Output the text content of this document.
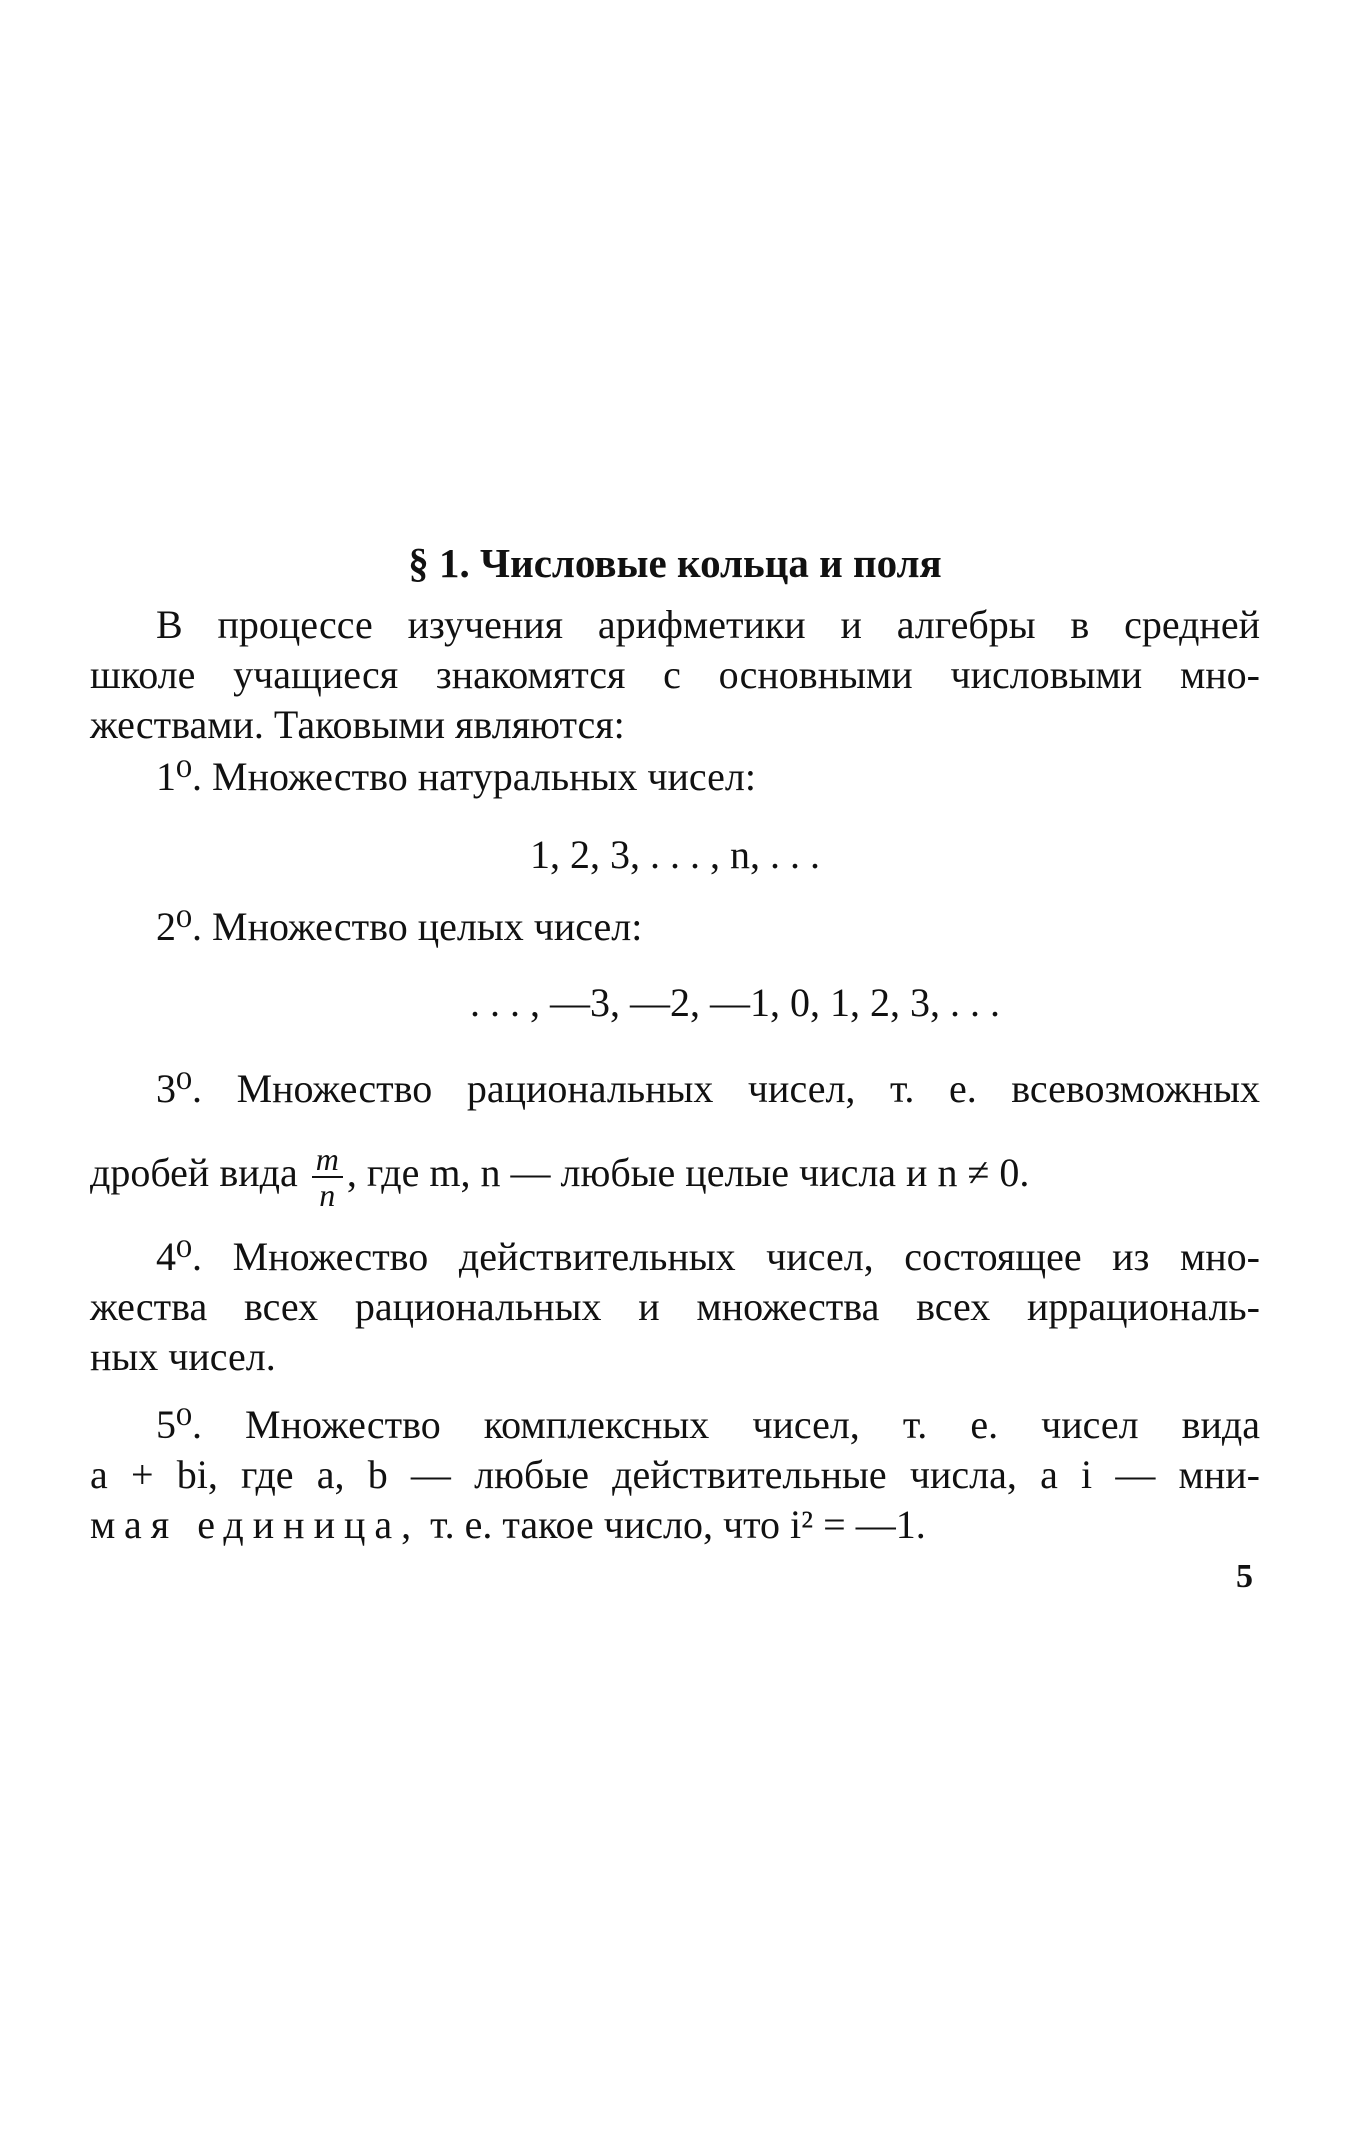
§ 1. Числовые кольца и поля
В процессе изучения арифметики и алгебры в средней
школе учащиеся знакомятся с основными числовыми мно-
жествами. Таковыми являются:
1⁰. Множество натуральных чисел:
1, 2, 3, . . . , n, . . .
2⁰. Множество целых чисел:
. . . , —3, —2, —1, 0, 1, 2, 3, . . .
3⁰. Множество рациональных чисел, т. е. всевозможных
дробей вида $\frac{m}{n}$ , где m, n — любые целые числа и n ≠ 0.
4⁰. Множество действительных чисел, состоящее из мно-
жества всех рациональных и множества всех иррациональ-
ных чисел.
5⁰. Множество комплексных чисел, т. е. чисел вида
a + bi, где a, b — любые действительные числа, а i — мни-
мая единица, т. е. такое число, что i² = —1.
5
